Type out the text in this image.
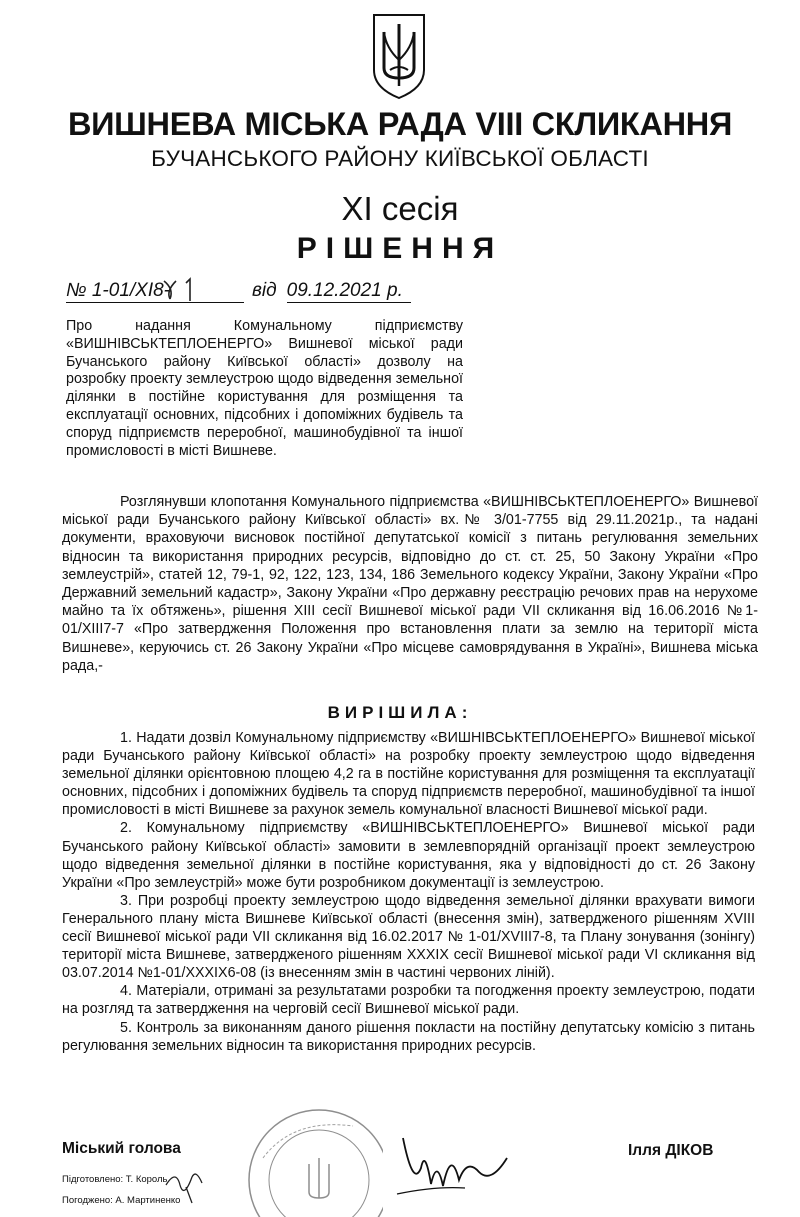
ВИШНЕВА МІСЬКА РАДА VIII СКЛИКАННЯ
БУЧАНСЬКОГО РАЙОНУ КИЇВСЬКОЇ ОБЛАСТІ
XI сесія
РІШЕННЯ
№ 1-01/XI8-	від 09.12.2021 р.

Про надання Комунальному підприємству «ВИШНІВСЬКТЕПЛОЕНЕРГО» Вишневої міської ради Бучанського району Київської області» дозволу на розробку проекту землеустрою щодо відведення земельної ділянки в постійне користування для розміщення та експлуатації основних, підсобних і допоміжних будівель та споруд підприємств переробної, машинобудівної та іншої промисловості в місті Вишневе.

Розглянувши клопотання Комунального підприємства «ВИШНІВСЬКТЕПЛОЕНЕРГО» Вишневої міської ради Бучанського району Київської області» вх.№ 3/01-7755 від 29.11.2021р., та надані документи, враховуючи висновок постійної депутатської комісії з питань регулювання земельних відносин та використання природних ресурсів, відповідно до ст. ст. 25, 50 Закону України «Про землеустрій», статей 12, 79-1, 92, 122, 123, 134, 186 Земельного кодексу України, Закону України «Про Державний земельний кадастр», Закону України «Про державну реєстрацію речових прав на нерухоме майно та їх обтяжень», рішення XIII сесії Вишневої міської ради VII скликання від 16.06.2016 №1-01/XIII7-7 «Про затвердження Положення про встановлення плати за землю на території міста Вишневе», керуючись ст. 26 Закону України «Про місцеве самоврядування в Україні», Вишнева міська рада,-

ВИРІШИЛА:

1. Надати дозвіл Комунальному підприємству «ВИШНІВСЬКТЕПЛОЕНЕРГО» Вишневої міської ради Бучанського району Київської області» на розробку проекту землеустрою щодо відведення земельної ділянки орієнтовною площею 4,2 га в постійне користування для розміщення та експлуатації основних, підсобних і допоміжних будівель та споруд підприємств переробної, машинобудівної та іншої промисловості в місті Вишневе за рахунок земель комунальної власності Вишневої міської ради.

2. Комунальному підприємству «ВИШНІВСЬКТЕПЛОЕНЕРГО» Вишневої міської ради Бучанського району Київської області» замовити в землевпорядній організації проект землеустрою щодо відведення земельної ділянки в постійне користування, яка у відповідності до ст. 26 Закону України «Про землеустрій» може бути розробником документації із землеустрою.

3. При розробці проекту землеустрою щодо відведення земельної ділянки врахувати вимоги Генерального плану міста Вишневе Київської області (внесення змін), затвердженого рішенням XVIII сесії Вишневої міської ради VII скликання від 16.02.2017 № 1-01/XVIII7-8, та Плану зонування (зонінгу) території міста Вишневе, затвердженого рішенням XXXIX сесії Вишневої міської ради VI скликання від 03.07.2014 №1-01/XXXIX6-08 (із внесенням змін в частині червоних ліній).

4. Матеріали, отримані за результатами розробки та погодження проекту землеустрою, подати на розгляд та затвердження на черговій сесії Вишневої міської ради.

5. Контроль за виконанням даного рішення покласти на постійну депутатську комісію з питань регулювання земельних відносин та використання природних ресурсів.

Міський голова	Ілля ДІКОВ
Підготовлено: Т. Король
Погоджено: А. Мартиненко
